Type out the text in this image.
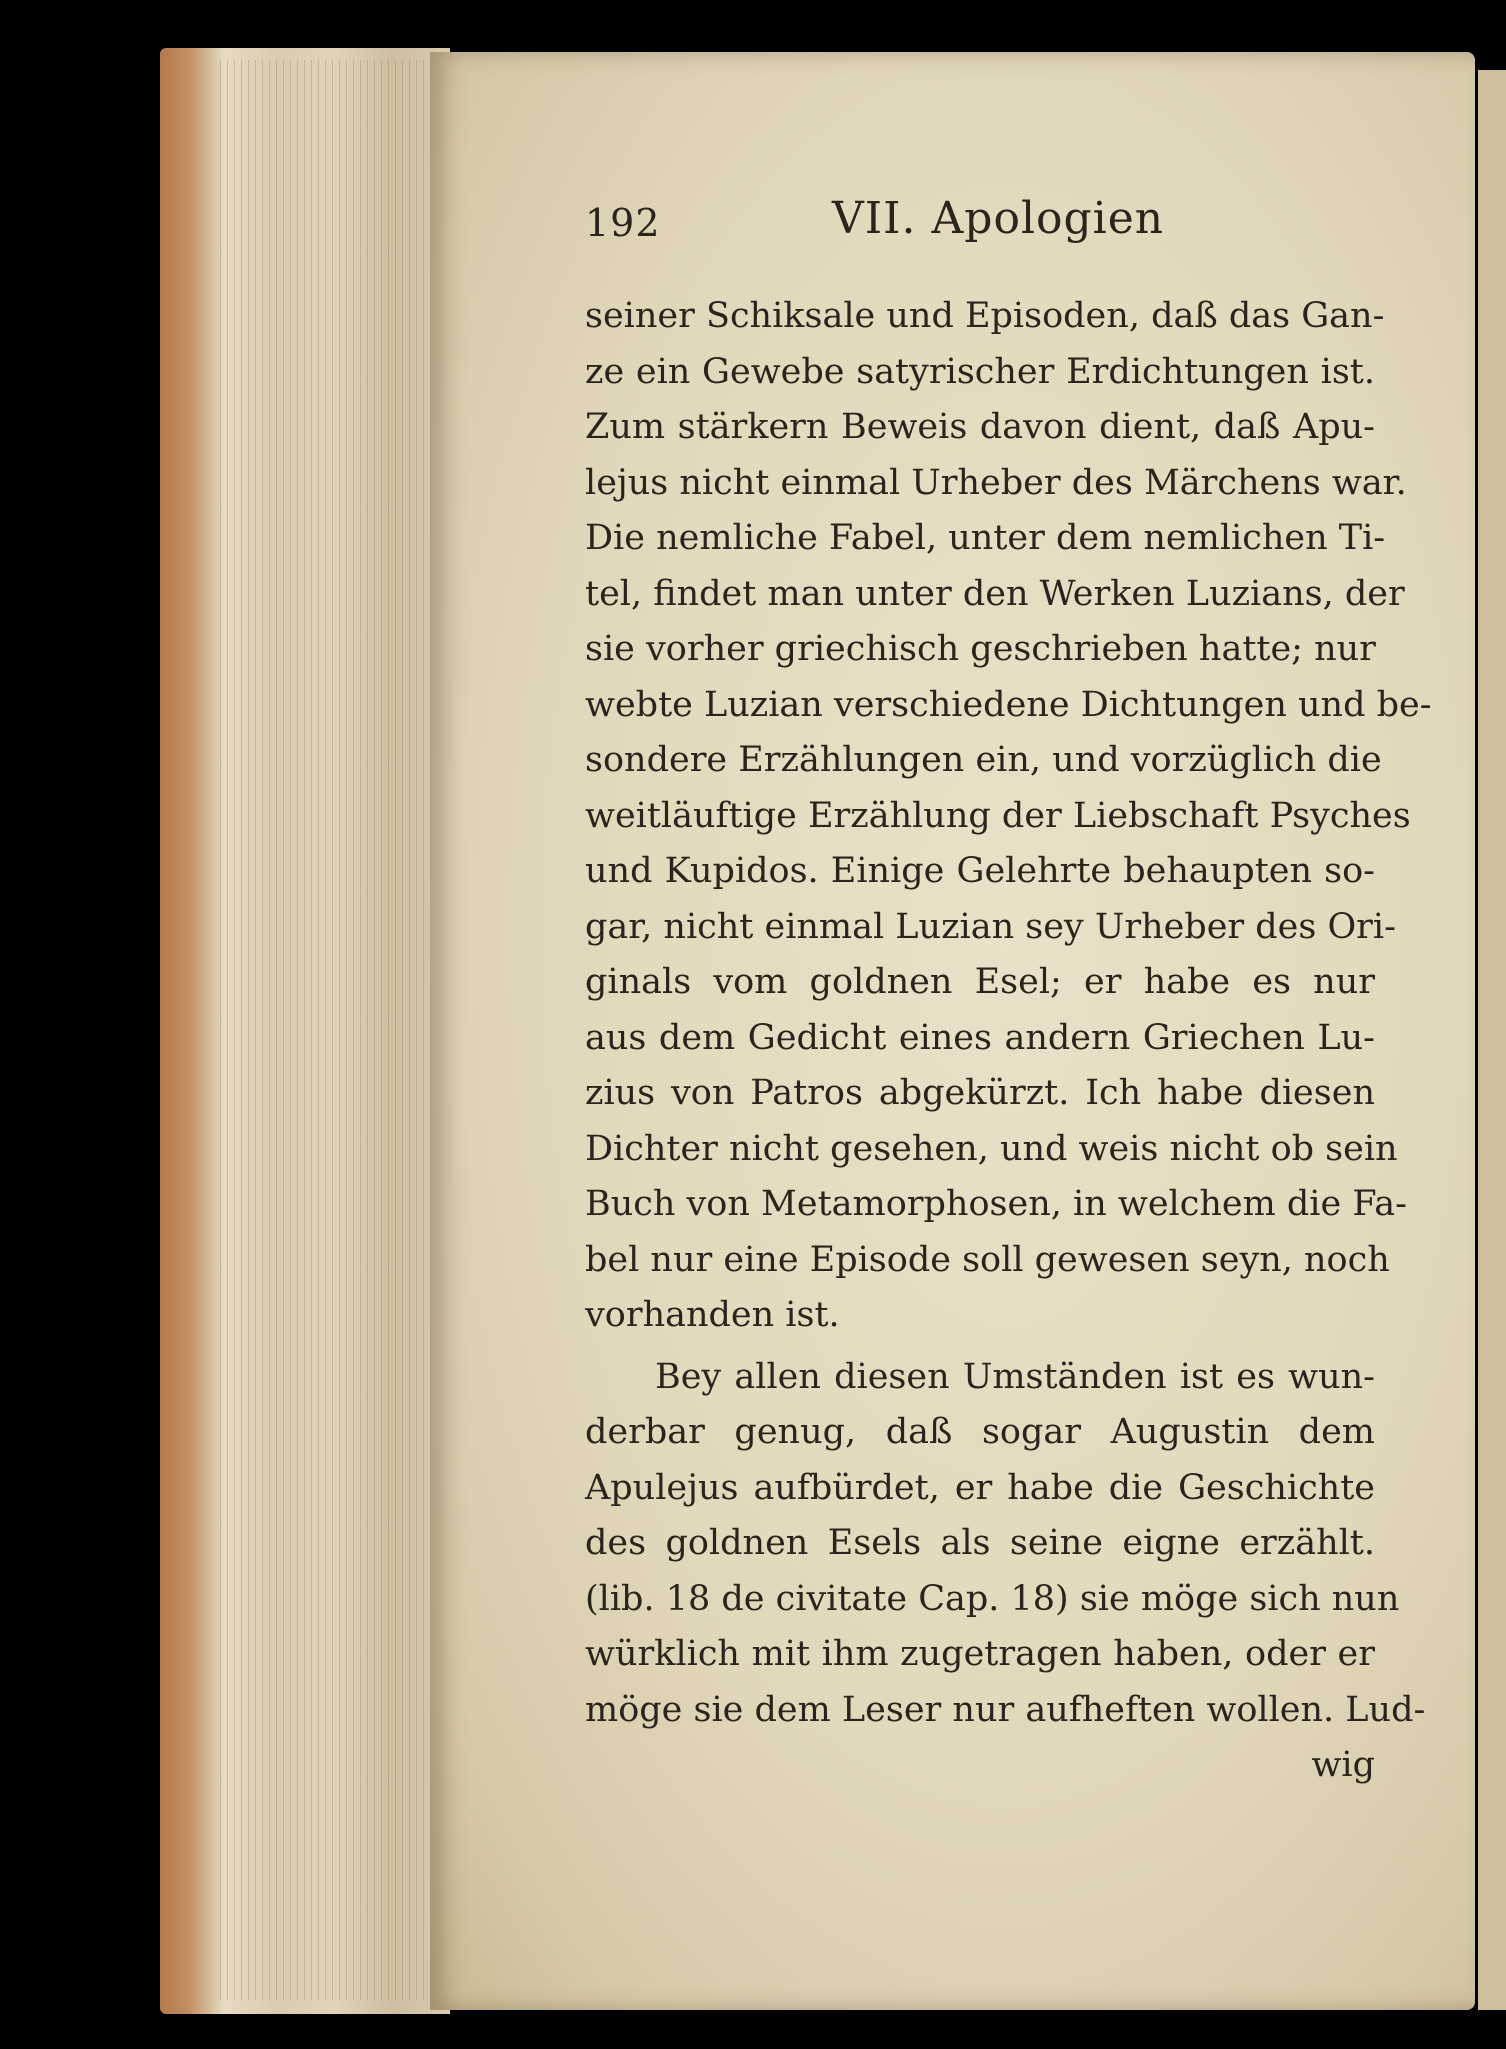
192	VII. Apologien
seiner Schiksale und Episoden, daß das Gan-
ze ein Gewebe satyrischer Erdichtungen ist.
Zum stärkern Beweis davon dient, daß Apu-
lejus nicht einmal Urheber des Märchens war.
Die nemliche Fabel, unter dem nemlichen Ti-
tel, findet man unter den Werken Luzians, der
sie vorher griechisch geschrieben hatte; nur
webte Luzian verschiedene Dichtungen und be-
sondere Erzählungen ein, und vorzüglich die
weitläuftige Erzählung der Liebschaft Psyches
und Kupidos. Einige Gelehrte behaupten so-
gar, nicht einmal Luzian sey Urheber des Ori-
ginals vom goldnen Esel; er habe es nur
aus dem Gedicht eines andern Griechen Lu-
zius von Patros abgekürzt. Ich habe diesen
Dichter nicht gesehen, und weis nicht ob sein
Buch von Metamorphosen, in welchem die Fa-
bel nur eine Episode soll gewesen seyn, noch
vorhanden ist.
Bey allen diesen Umständen ist es wun-
derbar genug, daß sogar Augustin dem
Apulejus aufbürdet, er habe die Geschichte
des goldnen Esels als seine eigne erzählt.
(lib. 18 de civitate Cap. 18) sie möge sich nun
würklich mit ihm zugetragen haben, oder er
möge sie dem Leser nur aufheften wollen. Lud-
wig
